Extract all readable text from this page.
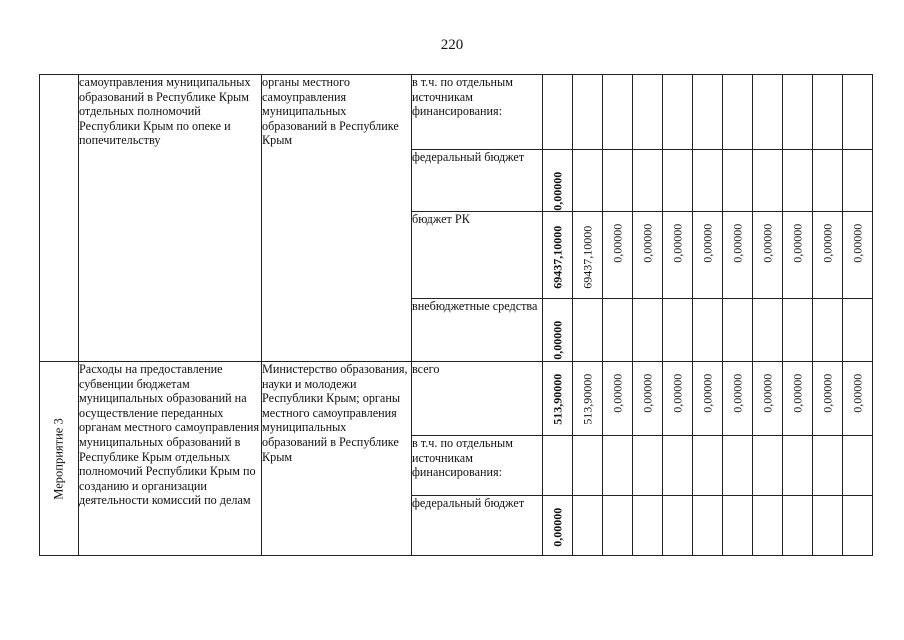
220
	самоуправления муниципальных образований в Республике Крым отдельных полномочий Республики Крым по опеке и попечительству	органы местного самоуправления муниципальных образований в Республике Крым	в т.ч. по отдельным источникам финансирования:											
			федеральный бюджет	0,00000										

			бюджет РК	69437,10000	69437,10000	0,00000	0,00000	0,00000	0,00000	0,00000	0,00000	0,00000	0,00000	0,00000

			внебюджетные средства	0,00000										

Мероприятие 3	Расходы на предоставление субвенции бюджетам муниципальных образований на осуществление переданных органам местного самоуправления муниципальных образований в Республике Крым отдельных полномочий Республики Крым по созданию и организации деятельности комиссий по делам	Министерство образования, науки и молодежи Республики Крым; органы местного самоуправления муниципальных образований в Республике Крым	всего	513,90000	513,90000	0,00000	0,00000	0,00000	0,00000	0,00000	0,00000	0,00000	0,00000	0,00000

			в т.ч. по отдельным источникам финансирования:											
			федеральный бюджет	0,00000										
